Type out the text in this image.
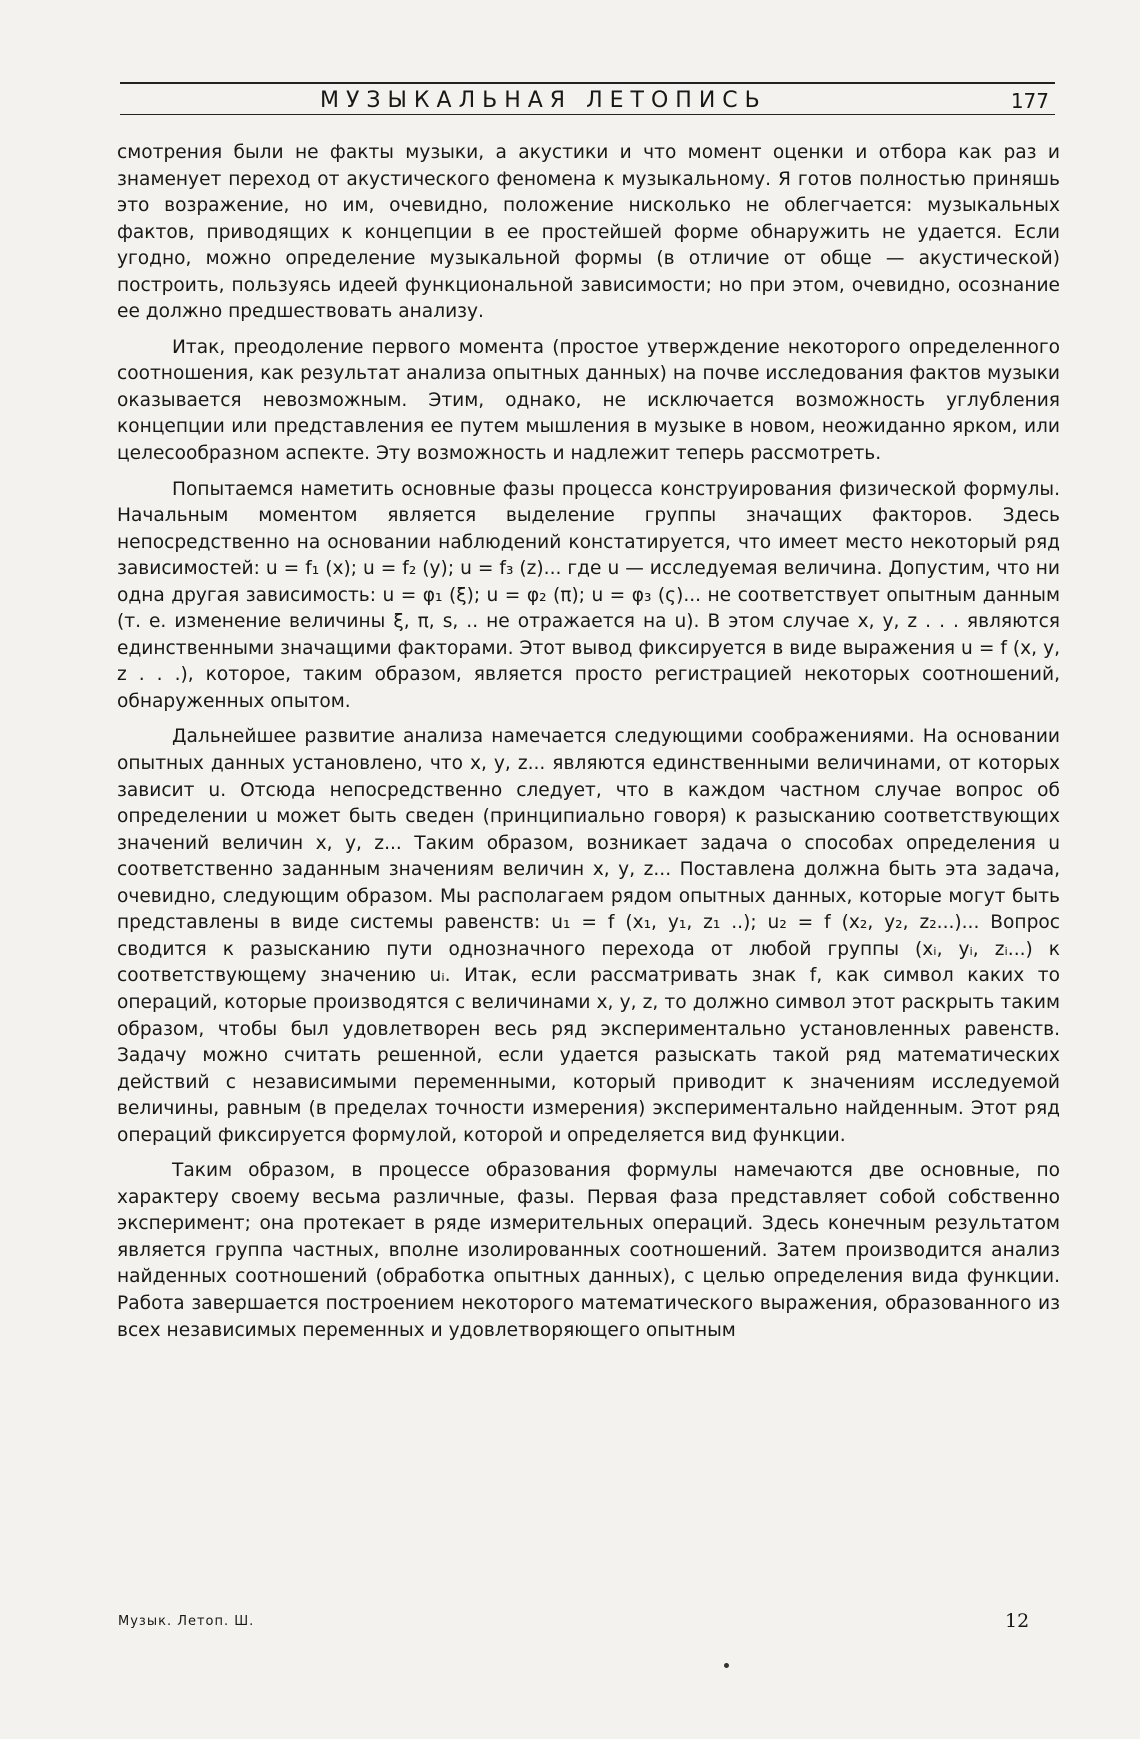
МУЗЫКАЛЬНАЯ ЛЕТОПИСЬ	177

смотрения были не факты музыки, а акустики и что момент оценки и отбора как раз и знаменует переход от акустического феномена к музыкальному. Я готов полностью приняшь это возражение, но им, очевидно, положение нисколько не облегчается: музыкальных фактов, приводящих к концепции в ее простейшей форме обнаружить не удается. Если угодно, можно определение музыкальной формы (в отличие от обще — акустической) построить, пользуясь идеей функциональной зависимости; но при этом, очевидно, осознание ее должно предшествовать анализу.

Итак, преодоление первого момента (простое утверждение некоторого определенного соотношения, как результат анализа опытных данных) на почве исследования фактов музыки оказывается невозможным. Этим, однако, не исключается возможность углубления концепции или представления ее путем мышления в музыке в новом, неожиданно ярком, или целесообразном аспекте. Эту возможность и надлежит теперь рассмотреть.

Попытаемся наметить основные фазы процесса конструирования физической формулы. Начальным моментом является выделение группы значащих факторов. Здесь непосредственно на основании наблюдений констатируется, что имеет место некоторый ряд зависимостей: u = f₁ (x); u = f₂ (y); u = f₃ (z)... где u — исследуемая величина. Допустим, что ни одна другая зависимость: u = φ₁ (ξ); u = φ₂ (π); u = φ₃ (ς)... не соответствует опытным данным (т. е. изменение величины ξ, π, s, .. не отражается на u). В этом случае x, y, z . . . являются единственными значащими факторами. Этот вывод фиксируется в виде выражения u = f (x, y, z . . .), которое, таким образом, является просто регистрацией некоторых соотношений, обнаруженных опытом.

Дальнейшее развитие анализа намечается следующими соображениями. На основании опытных данных установлено, что x, y, z... являются единственными величинами, от которых зависит u. Отсюда непосредственно следует, что в каждом частном случае вопрос об определении u может быть сведен (принципиально говоря) к разысканию соответствующих значений величин x, y, z... Таким образом, возникает задача о способах определения u соответственно заданным значениям величин x, y, z... Поставлена должна быть эта задача, очевидно, следующим образом. Мы располагаем рядом опытных данных, которые могут быть представлены в виде системы равенств: u₁ = f (x₁, y₁, z₁ ..); u₂ = f (x₂, y₂, z₂...)... Вопрос сводится к разысканию пути однозначного перехода от любой группы (xᵢ, yᵢ, zᵢ...) к соответствующему значению uᵢ. Итак, если рассматривать знак f, как символ каких то операций, которые производятся с величинами x, y, z, то должно символ этот раскрыть таким образом, чтобы был удовлетворен весь ряд экспериментально установленных равенств. Задачу можно считать решенной, если удается разыскать такой ряд математических действий с независимыми переменными, который приводит к значениям исследуемой величины, равным (в пределах точности измерения) экспериментально найденным. Этот ряд операций фиксируется формулой, которой и определяется вид функции.

Таким образом, в процессе образования формулы намечаются две основные, по характеру своему весьма различные, фазы. Первая фаза представляет собой собственно эксперимент; она протекает в ряде измерительных операций. Здесь конечным результатом является группа частных, вполне изолированных соотношений. Затем производится анализ найденных соотношений (обработка опытных данных), с целью определения вида функции. Работа завершается построением некоторого математического выражения, образованного из всех независимых переменных и удовлетворяющего опытным

Музык. Летоп. Ш.	12
